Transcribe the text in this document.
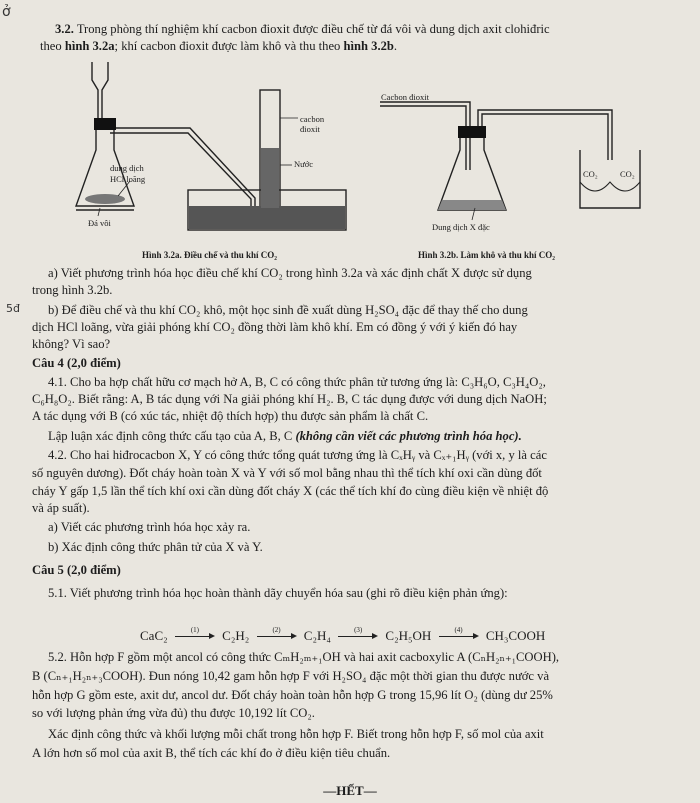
ở
3.2. Trong phòng thí nghiệm khí cacbon đioxit được điều chế từ đá vôi và dung dịch axit clohiđric
theo hình 3.2a; khí cacbon đioxit được làm khô và thu theo hình 3.2b.
cacbon
đioxit
Nước
dung dịch
HCl loãng
Đá vôi
Hình 3.2a. Điều chế và thu khí CO₂
Cacbon đioxit
CO₂	CO₂
Dung dịch X đặc
Hình 3.2b. Làm khô và thu khí CO₂
a) Viết phương trình hóa học điều chế khí CO₂ trong hình 3.2a và xác định chất X được sử dụng
trong hình 3.2b.
5đ	b) Để điều chế và thu khí CO₂ khô, một học sinh đề xuất dùng H₂SO₄ đặc để thay thế cho dung
dịch HCl loãng, vừa giải phóng khí CO₂ đồng thời làm khô khí. Em có đồng ý với ý kiến đó hay
không? Vì sao?
Câu 4 (2,0 điểm)
4.1. Cho ba hợp chất hữu cơ mạch hở A, B, C có công thức phân tử tương ứng là: C₃H₆O, C₃H₄O₂,
C₆H₈O₂. Biết rằng: A, B tác dụng với Na giải phóng khí H₂. B, C tác dụng được với dung dịch NaOH;
A tác dụng với B (có xúc tác, nhiệt độ thích hợp) thu được sản phẩm là chất C.
Lập luận xác định công thức cấu tạo của A, B, C (không cần viết các phương trình hóa học).
4.2. Cho hai hiđrocacbon X, Y có công thức tổng quát tương ứng là CₓHᵧ và Cₓ₊₁Hᵧ (với x, y là các
số nguyên dương). Đốt cháy hoàn toàn X và Y với số mol bằng nhau thì thể tích khí oxi cần dùng đốt
cháy Y gấp 1,5 lần thể tích khí oxi cần dùng đốt cháy X (các thể tích khí đo cùng điều kiện về nhiệt độ
và áp suất).
a) Viết các phương trình hóa học xảy ra.
b) Xác định công thức phân tử của X và Y.
Câu 5 (2,0 điểm)
5.1. Viết phương trình hóa học hoàn thành dãy chuyển hóa sau (ghi rõ điều kiện phản ứng):
CaC₂	(1)	C₂H₂	(2)	C₂H₄	(3)	C₂H₅OH	(4)	CH₃COOH
5.2. Hỗn hợp F gồm một ancol có công thức CₘH₂ₘ₊₁OH và hai axit cacboxylic A (CₙH₂ₙ₊₁COOH),
B (Cₙ₊₁H₂ₙ₊₃COOH). Đun nóng 10,42 gam hỗn hợp F với H₂SO₄ đặc một thời gian thu được nước và
hỗn hợp G gồm este, axit dư, ancol dư. Đốt cháy hoàn toàn hỗn hợp G trong 15,96 lít O₂ (dùng dư 25%
so với lượng phản ứng vừa đủ) thu được 10,192 lít CO₂.
Xác định công thức và khối lượng mỗi chất trong hỗn hợp F. Biết trong hỗn hợp F, số mol của axit
A lớn hơn số mol của axit B, thể tích các khí đo ở điều kiện tiêu chuẩn.
—HẾT—
